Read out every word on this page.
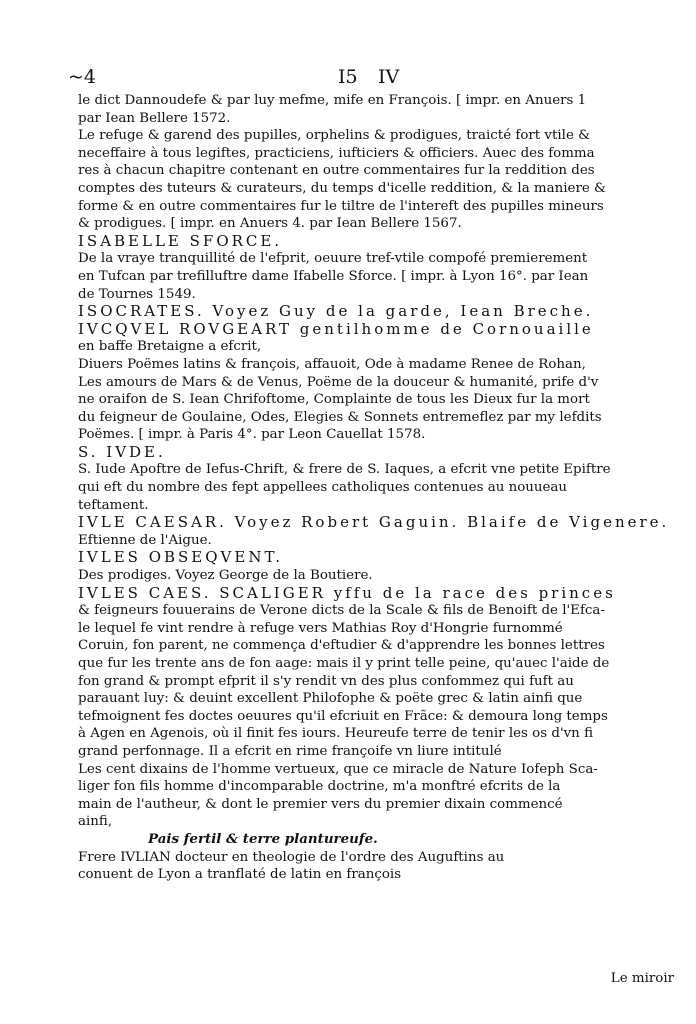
~4	I5 IV
le dict Dannoudefe & par luy mefme, mife en François. [ impr. en Anuers 1
par Iean Bellere 1572.
Le refuge & garend des pupilles, orphelins & prodigues, traicté fort vtile &
neceffaire à tous legiftes, practiciens, iufticiers & officiers. Auec des fomma
res à chacun chapitre contenant en outre commentaires fur la reddition des
comptes des tuteurs & curateurs, du temps d'icelle reddition, & la maniere &
forme & en outre commentaires fur le tiltre de l'intereft des pupilles mineurs
& prodigues. [ impr. en Anuers 4. par Iean Bellere 1567.
ISABELLE SFORCE.
De la vraye tranquillité de l'efprit, oeuure tref-vtile compofé premierement
en Tufcan par trefilluftre dame Ifabelle Sforce. [ impr. à Lyon 16°. par Iean
de Tournes 1549.
ISOCRATES. Voyez Guy de la garde, Iean Breche.
IVCQVEL ROVGEART gentilhomme de Cornouaille
en baffe Bretaigne a efcrit,
Diuers Poëmes latins & françois, affauoit, Ode à madame Renee de Rohan,
Les amours de Mars & de Venus, Poëme de la douceur & humanité, prife d'v
ne oraifon de S. Iean Chrifoftome, Complainte de tous les Dieux fur la mort
du feigneur de Goulaine, Odes, Elegies & Sonnets entremeflez par my lefdits
Poëmes. [ impr. à Paris 4°. par Leon Cauellat 1578.
S. IVDE.
S. Iude Apoftre de Iefus-Chrift, & frere de S. Iaques, a efcrit vne petite Epiftre
qui eft du nombre des fept appellees catholiques contenues au nouueau
teftament.
IVLE CAESAR. Voyez Robert Gaguin. Blaife de Vigenere.
Eftienne de l'Aigue.
IVLES OBSEQVENT.
Des prodiges. Voyez George de la Boutiere.
IVLES CAES. SCALIGER yffu de la race des princes
& feigneurs fouuerains de Verone dicts de la Scale & fils de Benoift de l'Efca-
le lequel fe vint rendre à refuge vers Mathias Roy d'Hongrie furnommé
Coruin, fon parent, ne commença d'eftudier & d'apprendre les bonnes lettres
que fur les trente ans de fon aage: mais il y print telle peine, qu'auec l'aide de
fon grand & prompt efprit il s'y rendit vn des plus confommez qui fuft au
parauant luy: & deuint excellent Philofophe & poëte grec & latin ainfi que
tefmoignent fes doctes oeuures qu'il efcriuit en Frãce: & demoura long temps
à Agen en Agenois, où il finit fes iours. Heureufe terre de tenir les os d'vn fi
grand perfonnage. Il a efcrit en rime françoife vn liure intitulé
Les cent dixains de l'homme vertueux, que ce miracle de Nature Iofeph Sca-
liger fon fils homme d'incomparable doctrine, m'a monftré efcrits de la
main de l'autheur, & dont le premier vers du premier dixain commencé
ainfi,
Pais fertil & terre plantureufe.
Frere IVLIAN docteur en theologie de l'ordre des Auguftins au
conuent de Lyon a tranflaté de latin en françois
Le miroir
